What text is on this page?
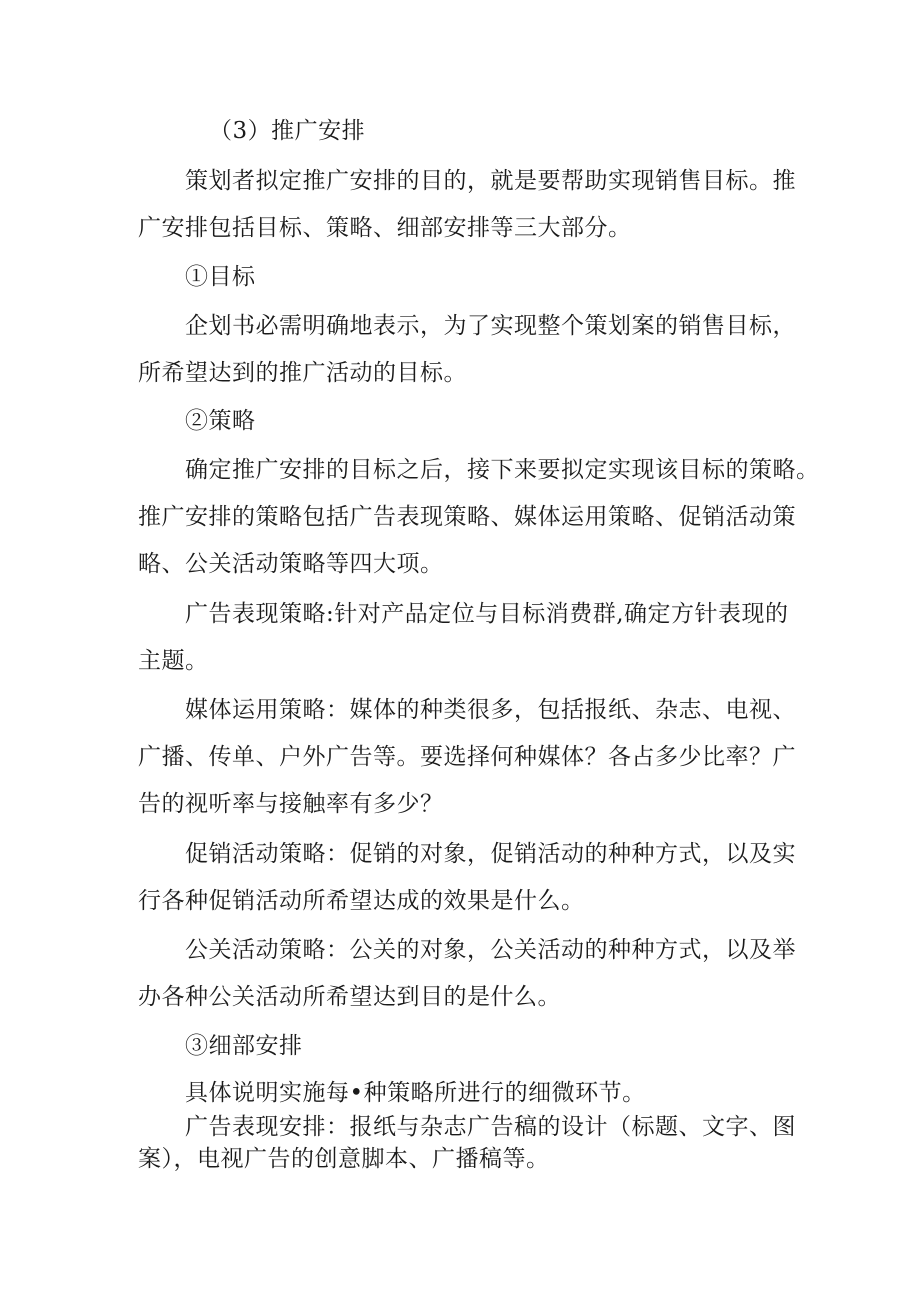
（3）推广安排
策划者拟定推广安排的目的，就是要帮助实现销售目标。推
广安排包括目标、策略、细部安排等三大部分。
①目标
企划书必需明确地表示，为了实现整个策划案的销售目标，
所希望达到的推广活动的目标。
②策略
确定推广安排的目标之后，接下来要拟定实现该目标的策略。
推广安排的策略包括广告表现策略、媒体运用策略、促销活动策
略、公关活动策略等四大项。
广告表现策略:针对产品定位与目标消费群,确定方针表现的
主题。
媒体运用策略：媒体的种类很多，包括报纸、杂志、电视、
广播、传单、户外广告等。要选择何种媒体？各占多少比率？广
告的视听率与接触率有多少？
促销活动策略：促销的对象，促销活动的种种方式，以及实
行各种促销活动所希望达成的效果是什么。
公关活动策略：公关的对象，公关活动的种种方式，以及举
办各种公关活动所希望达到目的是什么。
③细部安排
具体说明实施每•种策略所进行的细微环节。
广告表现安排：报纸与杂志广告稿的设计（标题、文字、图
案），电视广告的创意脚本、广播稿等。
